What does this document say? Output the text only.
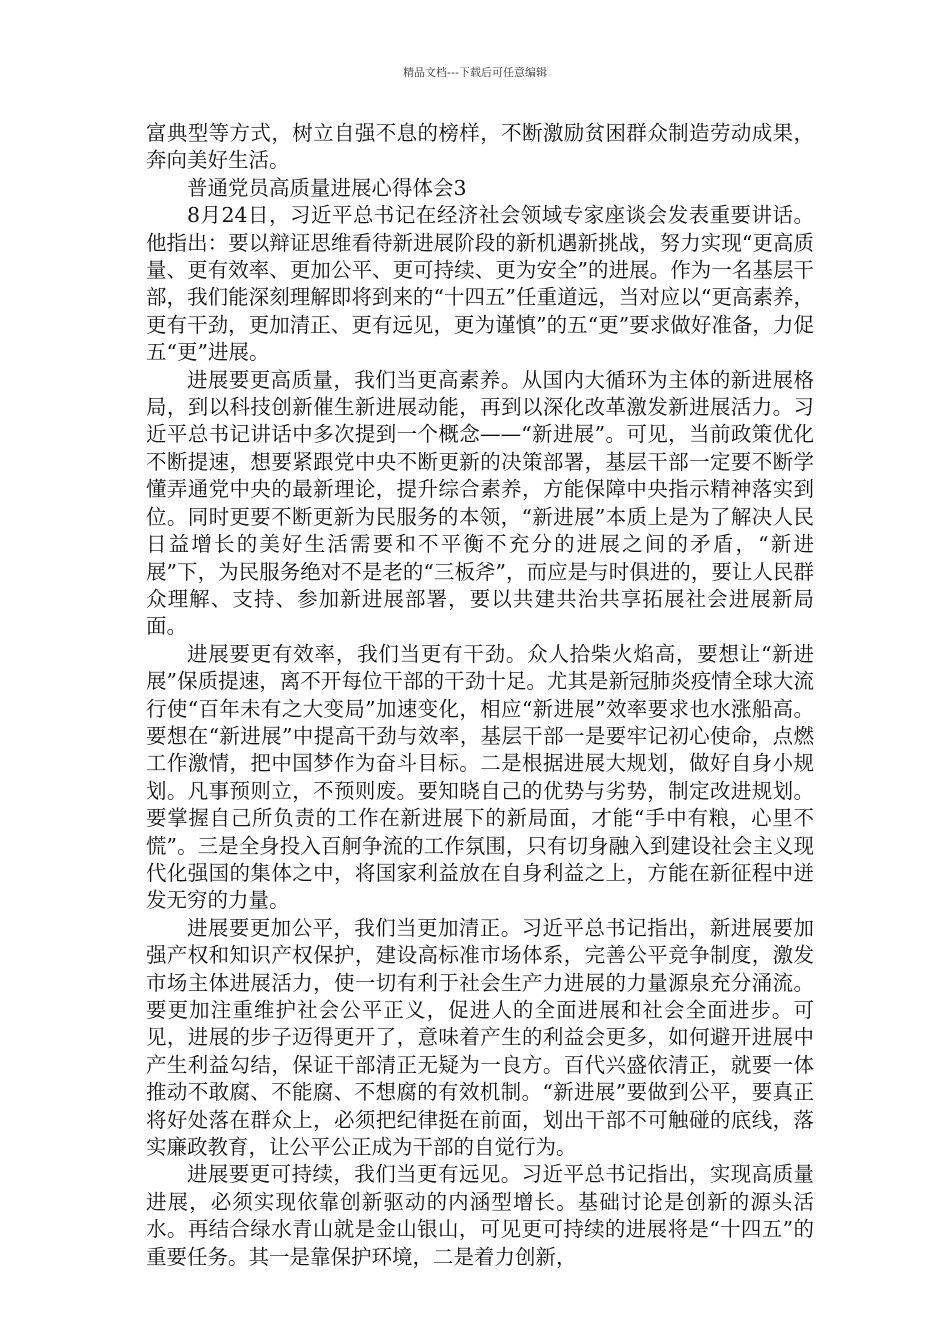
精品文档---下载后可任意编辑

富典型等方式，树立自强不息的榜样，不断激励贫困群众制造劳动成果，奔向美好生活。

普通党员高质量进展心得体会3

8月24日，习近平总书记在经济社会领域专家座谈会发表重要讲话。他指出：要以辩证思维看待新进展阶段的新机遇新挑战，努力实现“更高质量、更有效率、更加公平、更可持续、更为安全”的进展。作为一名基层干部，我们能深刻理解即将到来的“十四五”任重道远，当对应以“更高素养，更有干劲，更加清正、更有远见，更为谨慎”的五“更”要求做好准备，力促五“更”进展。

进展要更高质量，我们当更高素养。从国内大循环为主体的新进展格局，到以科技创新催生新进展动能，再到以深化改革激发新进展活力。习近平总书记讲话中多次提到一个概念——“新进展”。可见，当前政策优化不断提速，想要紧跟党中央不断更新的决策部署，基层干部一定要不断学懂弄通党中央的最新理论，提升综合素养，方能保障中央指示精神落实到位。同时更要不断更新为民服务的本领，“新进展”本质上是为了解决人民日益增长的美好生活需要和不平衡不充分的进展之间的矛盾，“新进展”下，为民服务绝对不是老的“三板斧”，而应是与时俱进的，要让人民群众理解、支持、参加新进展部署，要以共建共治共享拓展社会进展新局面。

进展要更有效率，我们当更有干劲。众人拾柴火焰高，要想让“新进展”保质提速，离不开每位干部的干劲十足。尤其是新冠肺炎疫情全球大流行使“百年未有之大变局”加速变化，相应“新进展”效率要求也水涨船高。要想在“新进展”中提高干劲与效率，基层干部一是要牢记初心使命，点燃工作激情，把中国梦作为奋斗目标。二是根据进展大规划，做好自身小规划。凡事预则立，不预则废。要知晓自己的优势与劣势，制定改进规划。要掌握自己所负责的工作在新进展下的新局面，才能“手中有粮，心里不慌”。三是全身投入百舸争流的工作氛围，只有切身融入到建设社会主义现代化强国的集体之中，将国家利益放在自身利益之上，方能在新征程中迸发无穷的力量。

进展要更加公平，我们当更加清正。习近平总书记指出，新进展要加强产权和知识产权保护，建设高标准市场体系，完善公平竞争制度，激发市场主体进展活力，使一切有利于社会生产力进展的力量源泉充分涌流。要更加注重维护社会公平正义，促进人的全面进展和社会全面进步。可见，进展的步子迈得更开了，意味着产生的利益会更多，如何避开进展中产生利益勾结，保证干部清正无疑为一良方。百代兴盛依清正，就要一体推动不敢腐、不能腐、不想腐的有效机制。“新进展”要做到公平，要真正将好处落在群众上，必须把纪律挺在前面，划出干部不可触碰的底线，落实廉政教育，让公平公正成为干部的自觉行为。

进展要更可持续，我们当更有远见。习近平总书记指出，实现高质量进展，必须实现依靠创新驱动的内涵型增长。基础讨论是创新的源头活水。再结合绿水青山就是金山银山，可见更可持续的进展将是“十四五”的重要任务。其一是靠保护环境，二是着力创新，
